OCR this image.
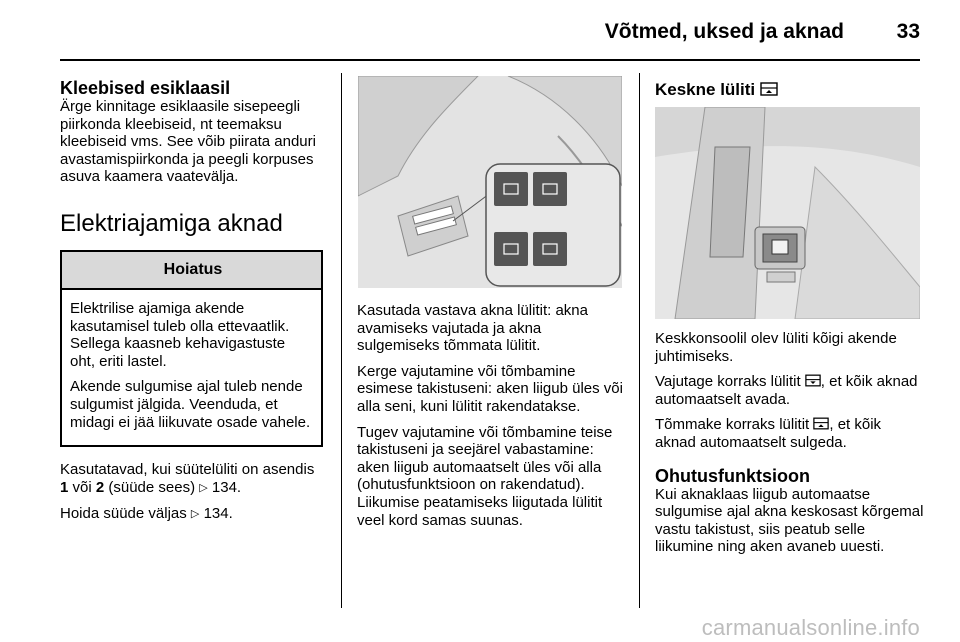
Võtmed, uksed ja aknad	33
Kleebised esiklaasil

Ärge kinnitage esiklaasile sisepeegli piirkonda kleebiseid, nt teemaksu kleebiseid vms. See võib piirata anduri avastamispiirkonda ja peegli korpuses asuva kaamera vaatevälja.

Elektriajamiga aknad
Hoiatus

Elektrilise ajamiga akende kasutamisel tuleb olla ettevaatlik. Sellega kaasneb kehavigastuste oht, eriti lastel.

Akende sulgumise ajal tuleb nende sulgumist jälgida. Veenduda, et midagi ei jää liikuvate osade vahele.

Kasutatavad, kui süütelüliti on asendis 1 või 2 (süüde sees) ▷ 134.

Hoida süüde väljas ▷ 134.

Kasutada vastava akna lülitit: akna avamiseks vajutada ja akna sulgemiseks tõmmata lülitit.

Kerge vajutamine või tõmbamine esimese takistuseni: aken liigub üles või alla seni, kuni lülitit rakendatakse.

Tugev vajutamine või tõmbamine teise takistuseni ja seejärel vabastamine: aken liigub automaatselt üles või alla (ohutusfunktsioon on rakendatud). Liikumise peatamiseks liigutada lülitit veel kord samas suunas.

Keskne lüliti

Keskkonsoolil olev lüliti kõigi akende juhtimiseks.

Vajutage korraks lülitit , et kõik aknad automaatselt avada.

Tõmmake korraks lülitit , et kõik aknad automaatselt sulgeda.

Ohutusfunktsioon

Kui aknaklaas liigub automaatse sulgumise ajal akna keskosast kõrgemal vastu takistust, siis peatub selle liikumine ning aken avaneb uuesti.

carmanualsonline.info
